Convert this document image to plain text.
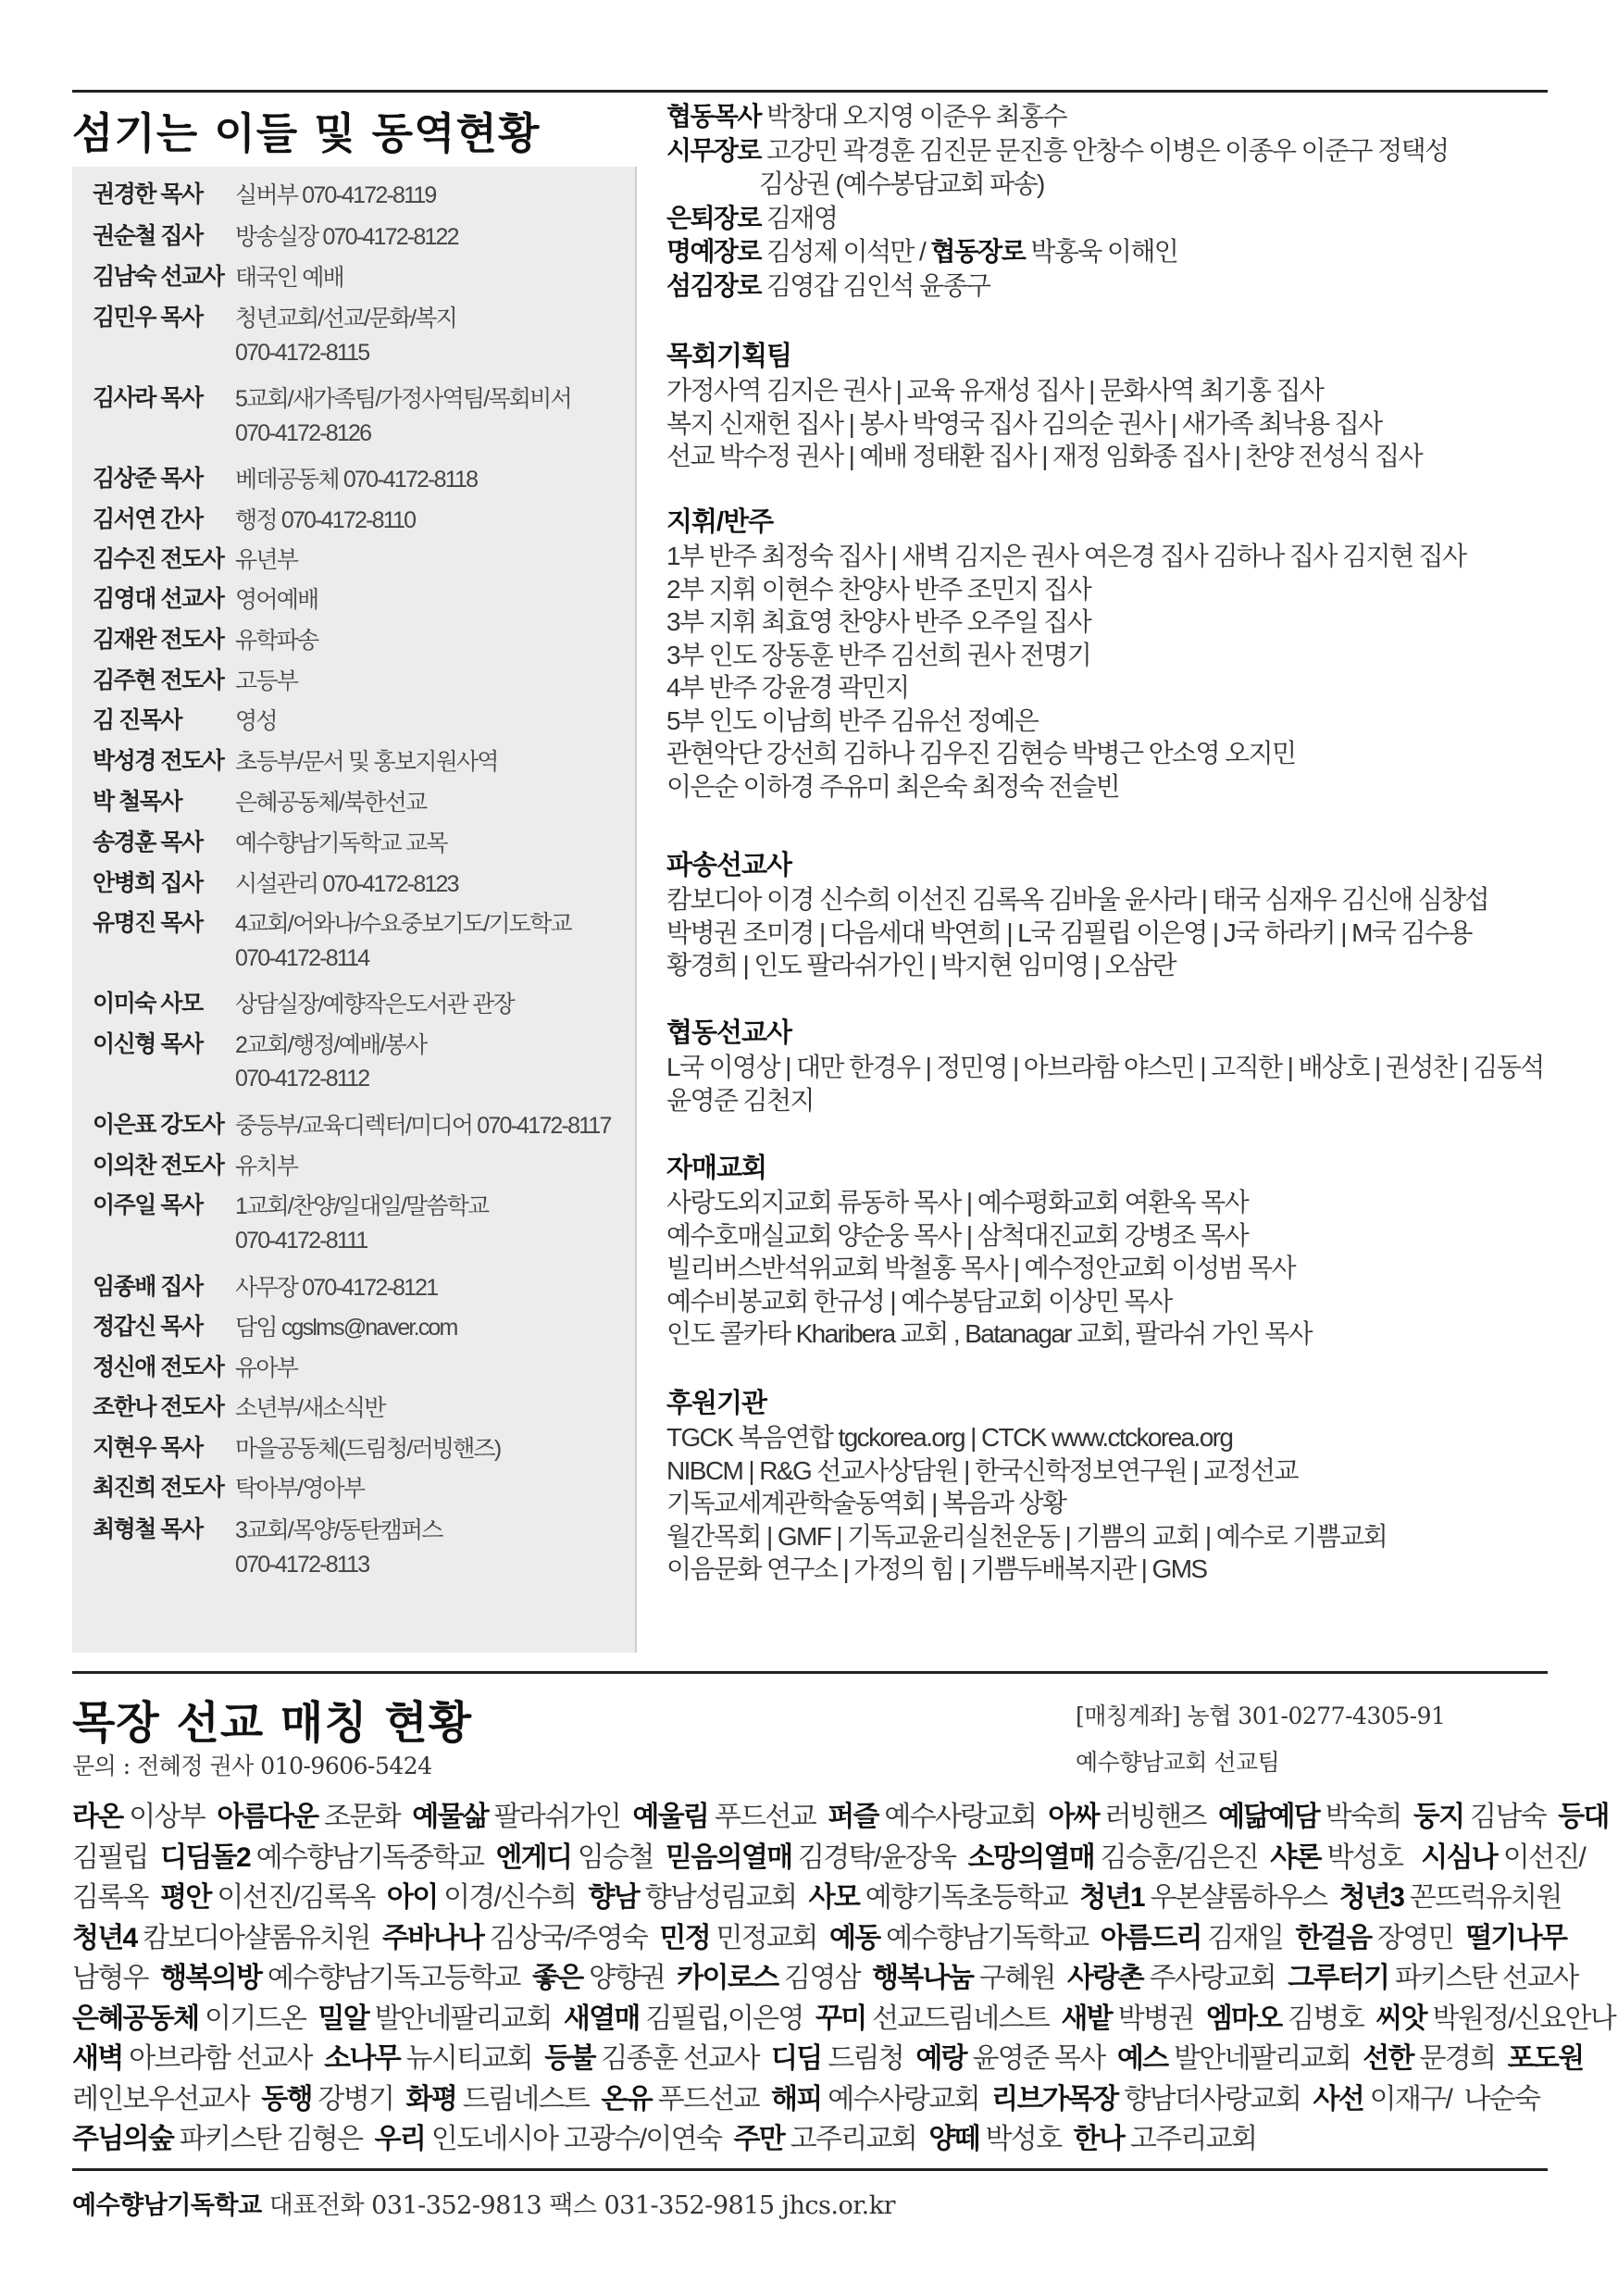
섬기는 이들 및 동역현황
권경한 목사 실버부 070-4172-8119
권순철 집사 방송실장 070-4172-8122
김남숙 선교사 태국인 예배
김민우 목사 청년교회/선교/문화/복지
070-4172-8115
김사라 목사 5교회/새가족팀/가정사역팀/목회비서
070-4172-8126
김상준 목사 베데공동체 070-4172-8118
김서연 간사 행정 070-4172-8110
김수진 전도사 유년부
김영대 선교사 영어예배
김재완 전도사 유학파송
김주현 전도사 고등부
김 진목사 영성
박성경 전도사 초등부/문서 및 홍보지원사역
박 철목사 은혜공동체/북한선교
송경훈 목사 예수향남기독학교 교목
안병희 집사 시설관리 070-4172-8123
유명진 목사 4교회/어와나/수요중보기도/기도학교
070-4172-8114
이미숙 사모 상담실장/예향작은도서관 관장
이신형 목사 2교회/행정/예배/봉사
070-4172-8112
이은표 강도사 중등부/교육디렉터/미디어 070-4172-8117
이의찬 전도사 유치부
이주일 목사 1교회/찬양/일대일/말씀학교
070-4172-8111
임종배 집사 사무장 070-4172-8121
정갑신 목사 담임 cgslms@naver.com
정신애 전도사 유아부
조한나 전도사 소년부/새소식반
지현우 목사 마을공동체(드림청/러빙핸즈)
최진희 전도사 탁아부/영아부
최형철 목사 3교회/목양/동탄캠퍼스
070-4172-8113
협동목사 박창대 오지영 이준우 최홍수
시무장로 고강민 곽경훈 김진문 문진흥 안창수 이병은 이종우 이준구 정택성
김상권 (예수봉담교회 파송)
은퇴장로 김재영
명예장로 김성제 이석만 / 협동장로 박홍욱 이해인
섬김장로 김영갑 김인석 윤종구
목회기획팀
가정사역 김지은 권사 | 교육 유재성 집사 | 문화사역 최기홍 집사
복지 신재헌 집사 | 봉사 박영국 집사 김의순 권사 | 새가족 최낙용 집사
선교 박수정 권사 | 예배 정태환 집사 | 재정 임화종 집사 | 찬양 전성식 집사
지휘/반주
1부 반주 최정숙 집사 | 새벽 김지은 권사 여은경 집사 김하나 집사 김지현 집사
2부 지휘 이현수 찬양사 반주 조민지 집사
3부 지휘 최효영 찬양사 반주 오주일 집사
3부 인도 장동훈 반주 김선희 권사 전명기
4부 반주 강윤경 곽민지
5부 인도 이남희 반주 김유선 정예은
관현악단 강선희 김하나 김우진 김현승 박병근 안소영 오지민
이은순 이하경 주유미 최은숙 최정숙 전슬빈
파송선교사
캄보디아 이경 신수희 이선진 김록옥 김바울 윤사라 | 태국 심재우 김신애 심창섭
박병권 조미경 | 다음세대 박연희 | L국 김필립 이은영 | J국 하라키 | M국 김수용
황경희 | 인도 팔라쉬가인 | 박지현 임미영 | 오삼란
협동선교사
L국 이영상 | 대만 한경우 | 정민영 | 아브라함 야스민 | 고직한 | 배상호 | 권성찬 | 김동석
윤영준 김천지
자매교회
사랑도외지교회 류동하 목사 | 예수평화교회 여환옥 목사
예수호매실교회 양순웅 목사 | 삼척대진교회 강병조 목사
빌리버스반석위교회 박철홍 목사 | 예수정안교회 이성범 목사
예수비봉교회 한규성 | 예수봉담교회 이상민 목사
인도 콜카타 Kharibera 교회 , Batanagar 교회, 팔라쉬 가인 목사
후원기관
TGCK 복음연합 tgckorea.org | CTCK www.ctckorea.org
NIBCM | R&G 선교사상담원 | 한국신학정보연구원 | 교정선교
기독교세계관학술동역회 | 복음과 상황
월간목회 | GMF | 기독교윤리실천운동 | 기쁨의 교회 | 예수로 기쁨교회
이음문화 연구소 | 가정의 힘 | 기쁨두배복지관 | GMS
목장 선교 매칭 현황
문의 : 전혜정 권사 010-9606-5424
[매칭계좌] 농협 301-0277-4305-91
예수향남교회 선교팀
라온 이상부  아름다운 조문화  예물삶 팔라쉬가인  예울림 푸드선교  퍼즐 예수사랑교회  아싸 러빙핸즈  예닮예담 박숙희  둥지 김남숙  등대
김필립  디딤돌2 예수향남기독중학교  엔게디 임승철  믿음의열매 김경탁/윤장욱  소망의열매 김승훈/김은진  샤론 박성호   시심나 이선진/
김록옥  평안 이선진/김록옥  아이 이경/신수희  향남 향남성림교회  사모 예향기독초등학교  청년1 우본샬롬하우스  청년3 꼰뜨럭유치원
청년4 캄보디아샬롬유치원  주바나나 김상국/주영숙  민정 민정교회  예동 예수향남기독학교  아름드리 김재일  한걸음 장영민  떨기나무
남형우  행복의방 예수향남기독고등학교  좋은 양향권  카이로스 김영삼  행복나눔 구혜원  사랑촌 주사랑교회  그루터기 파키스탄 선교사
은혜공동체 이기드온  밀알 발안네팔리교회  새열매 김필립,이은영  꾸미 선교드림네스트  새밭 박병권  엠마오 김병호  씨앗 박원정/신요안나
새벽 아브라함 선교사  소나무 뉴시티교회  등불 김종훈 선교사  디딤 드림청  예랑 윤영준 목사  예스 발안네팔리교회  선한 문경희  포도원
레인보우선교사  동행 강병기  화평 드림네스트  온유 푸드선교  해피 예수사랑교회  리브가목장 향남더사랑교회  사선 이재구/  나순숙
주님의숲 파키스탄 김형은  우리 인도네시아 고광수/이연숙  주만 고주리교회  양떼 박성호  한나 고주리교회
예수향남기독학교 대표전화 031-352-9813 팩스 031-352-9815 jhcs.or.kr
